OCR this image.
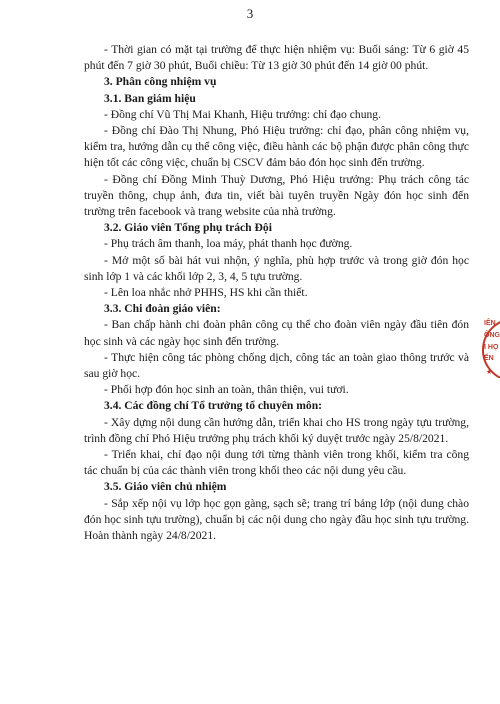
3

- Thời gian có mặt tại trường để thực hiện nhiệm vụ: Buổi sáng: Từ 6 giờ 45 phút đến 7 giờ 30 phút, Buổi chiều: Từ 13 giờ 30 phút đến 14 giờ 00 phút.

3. Phân công nhiệm vụ

3.1. Ban giám hiệu

- Đồng chí Vũ Thị Mai Khanh, Hiệu trưởng: chỉ đạo chung.

- Đồng chí Đào Thị Nhung, Phó Hiệu trưởng: chỉ đạo, phân công nhiệm vụ, kiểm tra, hướng dẫn cụ thể công việc, điều hành các bộ phận được phân công thực hiện tốt các công việc, chuẩn bị CSCV đảm bảo đón học sinh đến trường.

- Đồng chí Đồng Minh Thuỳ Dương, Phó Hiệu trưởng: Phụ trách công tác truyền thông, chụp ảnh, đưa tin, viết bài tuyên truyền Ngày đón học sinh đến trường trên facebook và trang website của nhà trường.

3.2. Giáo viên Tổng phụ trách Đội

- Phụ trách âm thanh, loa máy, phát thanh học đường.

- Mở một số bài hát vui nhộn, ý nghĩa, phù hợp trước và trong giờ đón học sinh lớp 1 và các khối lớp 2, 3, 4, 5 tựu trường.

- Lên loa nhắc nhở PHHS, HS khi cần thiết.

3.3. Chi đoàn giáo viên:

- Ban chấp hành chi đoàn phân công cụ thể cho đoàn viên ngày đầu tiên đón học sinh và các ngày học sinh đến trường.

- Thực hiện công tác phòng chống dịch, công tác an toàn giao thông trước và sau giờ học.

- Phối hợp đón học sinh an toàn, thân thiện, vui tươi.

3.4. Các đồng chí Tổ trưởng tổ chuyên môn:

- Xây dựng nội dung cần hướng dẫn, triển khai cho HS trong ngày tựu trường, trình đồng chí Phó Hiệu trưởng phụ trách khối ký duyệt trước ngày 25/8/2021.

- Triển khai, chỉ đạo nội dung tới từng thành viên trong khối, kiểm tra công tác chuẩn bị của các thành viên trong khối theo các nội dung yêu cầu.

3.5. Giáo viên chủ nhiệm

- Sắp xếp nội vụ lớp học gọn gàng, sạch sẽ; trang trí bảng lớp (nội dung chào đón học sinh tựu trường), chuẩn bị các nội dung cho ngày đầu học sinh tựu trường. Hoàn thành ngày 24/8/2021.

IÊN
ÔNG
I HỌ
ẾN
★
